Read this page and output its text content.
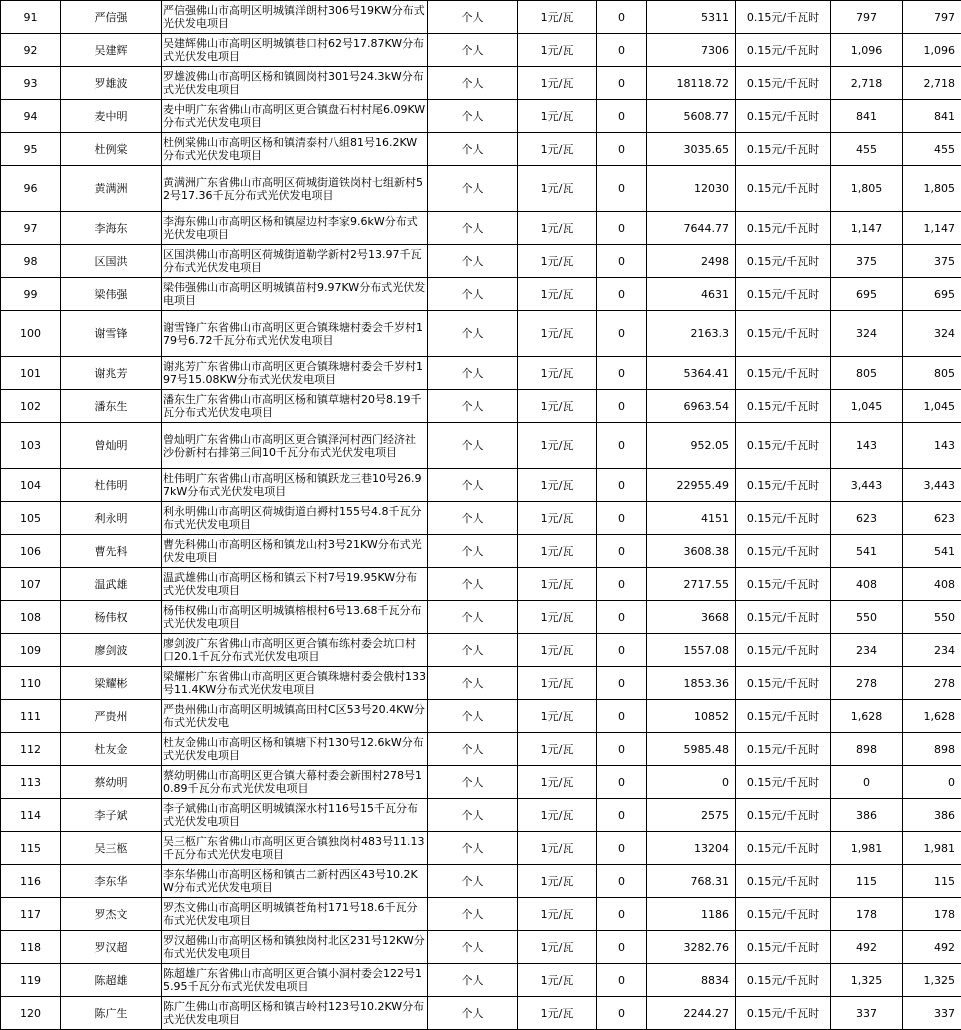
91	严信强	严信强佛山市高明区明城镇洋朗村306号19KW分布式光伏发电项目	个人	1元/瓦	0	5311	0.15元/千瓦时	797	797
92	吴建辉	吴建辉佛山市高明区明城镇巷口村62号17.87KW分布式光伏发电项目	个人	1元/瓦	0	7306	0.15元/千瓦时	1,096	1,096
93	罗雄波	罗雄波佛山市高明区杨和镇圆岗村301号24.3kW分布式光伏发电项目	个人	1元/瓦	0	18118.72	0.15元/千瓦时	2,718	2,718
94	麦中明	麦中明广东省佛山市高明区更合镇盘石村村尾6.09KW分布式光伏发电项目	个人	1元/瓦	0	5608.77	0.15元/千瓦时	841	841
95	杜例棠	杜例棠佛山市高明区杨和镇清泰村八組81号16.2KW分布式光伏发电项目	个人	1元/瓦	0	3035.65	0.15元/千瓦时	455	455
96	黄满洲	黄满洲广东省佛山市高明区荷城街道铁岗村七组新村52号17.36千瓦分布式光伏发电项目	个人	1元/瓦	0	12030	0.15元/千瓦时	1,805	1,805
97	李海东	李海东佛山市高明区杨和镇屋边村李家9.6kW分布式光伏发电项目	个人	1元/瓦	0	7644.77	0.15元/千瓦时	1,147	1,147
98	区国洪	区国洪佛山市高明区荷城街道勒学新村2号13.97千瓦分布式光伏发电项目	个人	1元/瓦	0	2498	0.15元/千瓦时	375	375
99	梁伟强	梁伟强佛山市高明区明城镇苗村9.97KW分布式光伏发电项目	个人	1元/瓦	0	4631	0.15元/千瓦时	695	695
100	谢雪锋	谢雪锋广东省佛山市高明区更合镇珠塘村委会千岁村179号6.72千瓦分布式光伏发电项目	个人	1元/瓦	0	2163.3	0.15元/千瓦时	324	324
101	谢兆芳	谢兆芳广东省佛山市高明区更合镇珠塘村委会千岁村197号15.08KW分布式光伏发电项目	个人	1元/瓦	0	5364.41	0.15元/千瓦时	805	805
102	潘东生	潘东生广东省佛山市高明区杨和镇草塘村20号8.19千瓦分布式光伏发电项目	个人	1元/瓦	0	6963.54	0.15元/千瓦时	1,045	1,045
103	曾灿明	曾灿明广东省佛山市高明区更合镇泽河村西门经济社沙份新村右排第三间10千瓦分布式光伏发电项目	个人	1元/瓦	0	952.05	0.15元/千瓦时	143	143
104	杜伟明	杜伟明广东省佛山市高明区杨和镇跃龙三巷10号26.97kW分布式光伏发电项目	个人	1元/瓦	0	22955.49	0.15元/千瓦时	3,443	3,443
105	利永明	利永明佛山市高明区荷城街道白褥村155号4.8千瓦分布式光伏发电项目	个人	1元/瓦	0	4151	0.15元/千瓦时	623	623
106	曹先科	曹先科佛山市高明区杨和镇龙山村3号21KW分布式光伏发电项目	个人	1元/瓦	0	3608.38	0.15元/千瓦时	541	541
107	温武雄	温武雄佛山市高明区杨和镇云下村7号19.95KW分布式光伏发电项目	个人	1元/瓦	0	2717.55	0.15元/千瓦时	408	408
108	杨伟权	杨伟权佛山市高明区明城镇榕根村6号13.68千瓦分布式光伏发电项目	个人	1元/瓦	0	3668	0.15元/千瓦时	550	550
109	廖剑波	廖剑波广东省佛山市高明区更合镇布练村委会坑口村口20.1千瓦分布式光伏发电项目	个人	1元/瓦	0	1557.08	0.15元/千瓦时	234	234
110	梁耀彬	梁耀彬广东省佛山市高明区更合镇珠塘村委会俄村133号11.4KW分布式光伏发电项目	个人	1元/瓦	0	1853.36	0.15元/千瓦时	278	278
111	严贵州	严贵州佛山市高明区明城镇高田村C区53号20.4KW分布式光伏发电	个人	1元/瓦	0	10852	0.15元/千瓦时	1,628	1,628
112	杜友金	杜友金佛山市高明区杨和镇塘下村130号12.6kW分布式光伏发电项目	个人	1元/瓦	0	5985.48	0.15元/千瓦时	898	898
113	蔡幼明	蔡幼明佛山市高明区更合镇大幕村委会新围村278号10.89千瓦分布式光伏发电项目	个人	1元/瓦	0	0	0.15元/千瓦时	0	0
114	李子斌	李子斌佛山市高明区明城镇深水村116号15千瓦分布式光伏发电项目	个人	1元/瓦	0	2575	0.15元/千瓦时	386	386
115	吴三柩	吴三柩广东省佛山市高明区更合镇独岗村483号11.13千瓦分布式光伏发电项目	个人	1元/瓦	0	13204	0.15元/千瓦时	1,981	1,981
116	李东华	李东华佛山市高明区杨和镇古二新村西区43号10.2KW分布式光伏发电项目	个人	1元/瓦	0	768.31	0.15元/千瓦时	115	115
117	罗杰文	罗杰文佛山市高明区明城镇苍角村171号18.6千瓦分布式光伏发电项目	个人	1元/瓦	0	1186	0.15元/千瓦时	178	178
118	罗汉超	罗汉超佛山市高明区杨和镇独岗村北区231号12KW分布式光伏发电项目	个人	1元/瓦	0	3282.76	0.15元/千瓦时	492	492
119	陈超雄	陈超雄广东省佛山市高明区更合镇小洞村委会122号15.95千瓦分布式光伏发电项目	个人	1元/瓦	0	8834	0.15元/千瓦时	1,325	1,325
120	陈广生	陈广生佛山市高明区杨和镇吉岭村123号10.2KW分布式光伏发电项目	个人	1元/瓦	0	2244.27	0.15元/千瓦时	337	337
